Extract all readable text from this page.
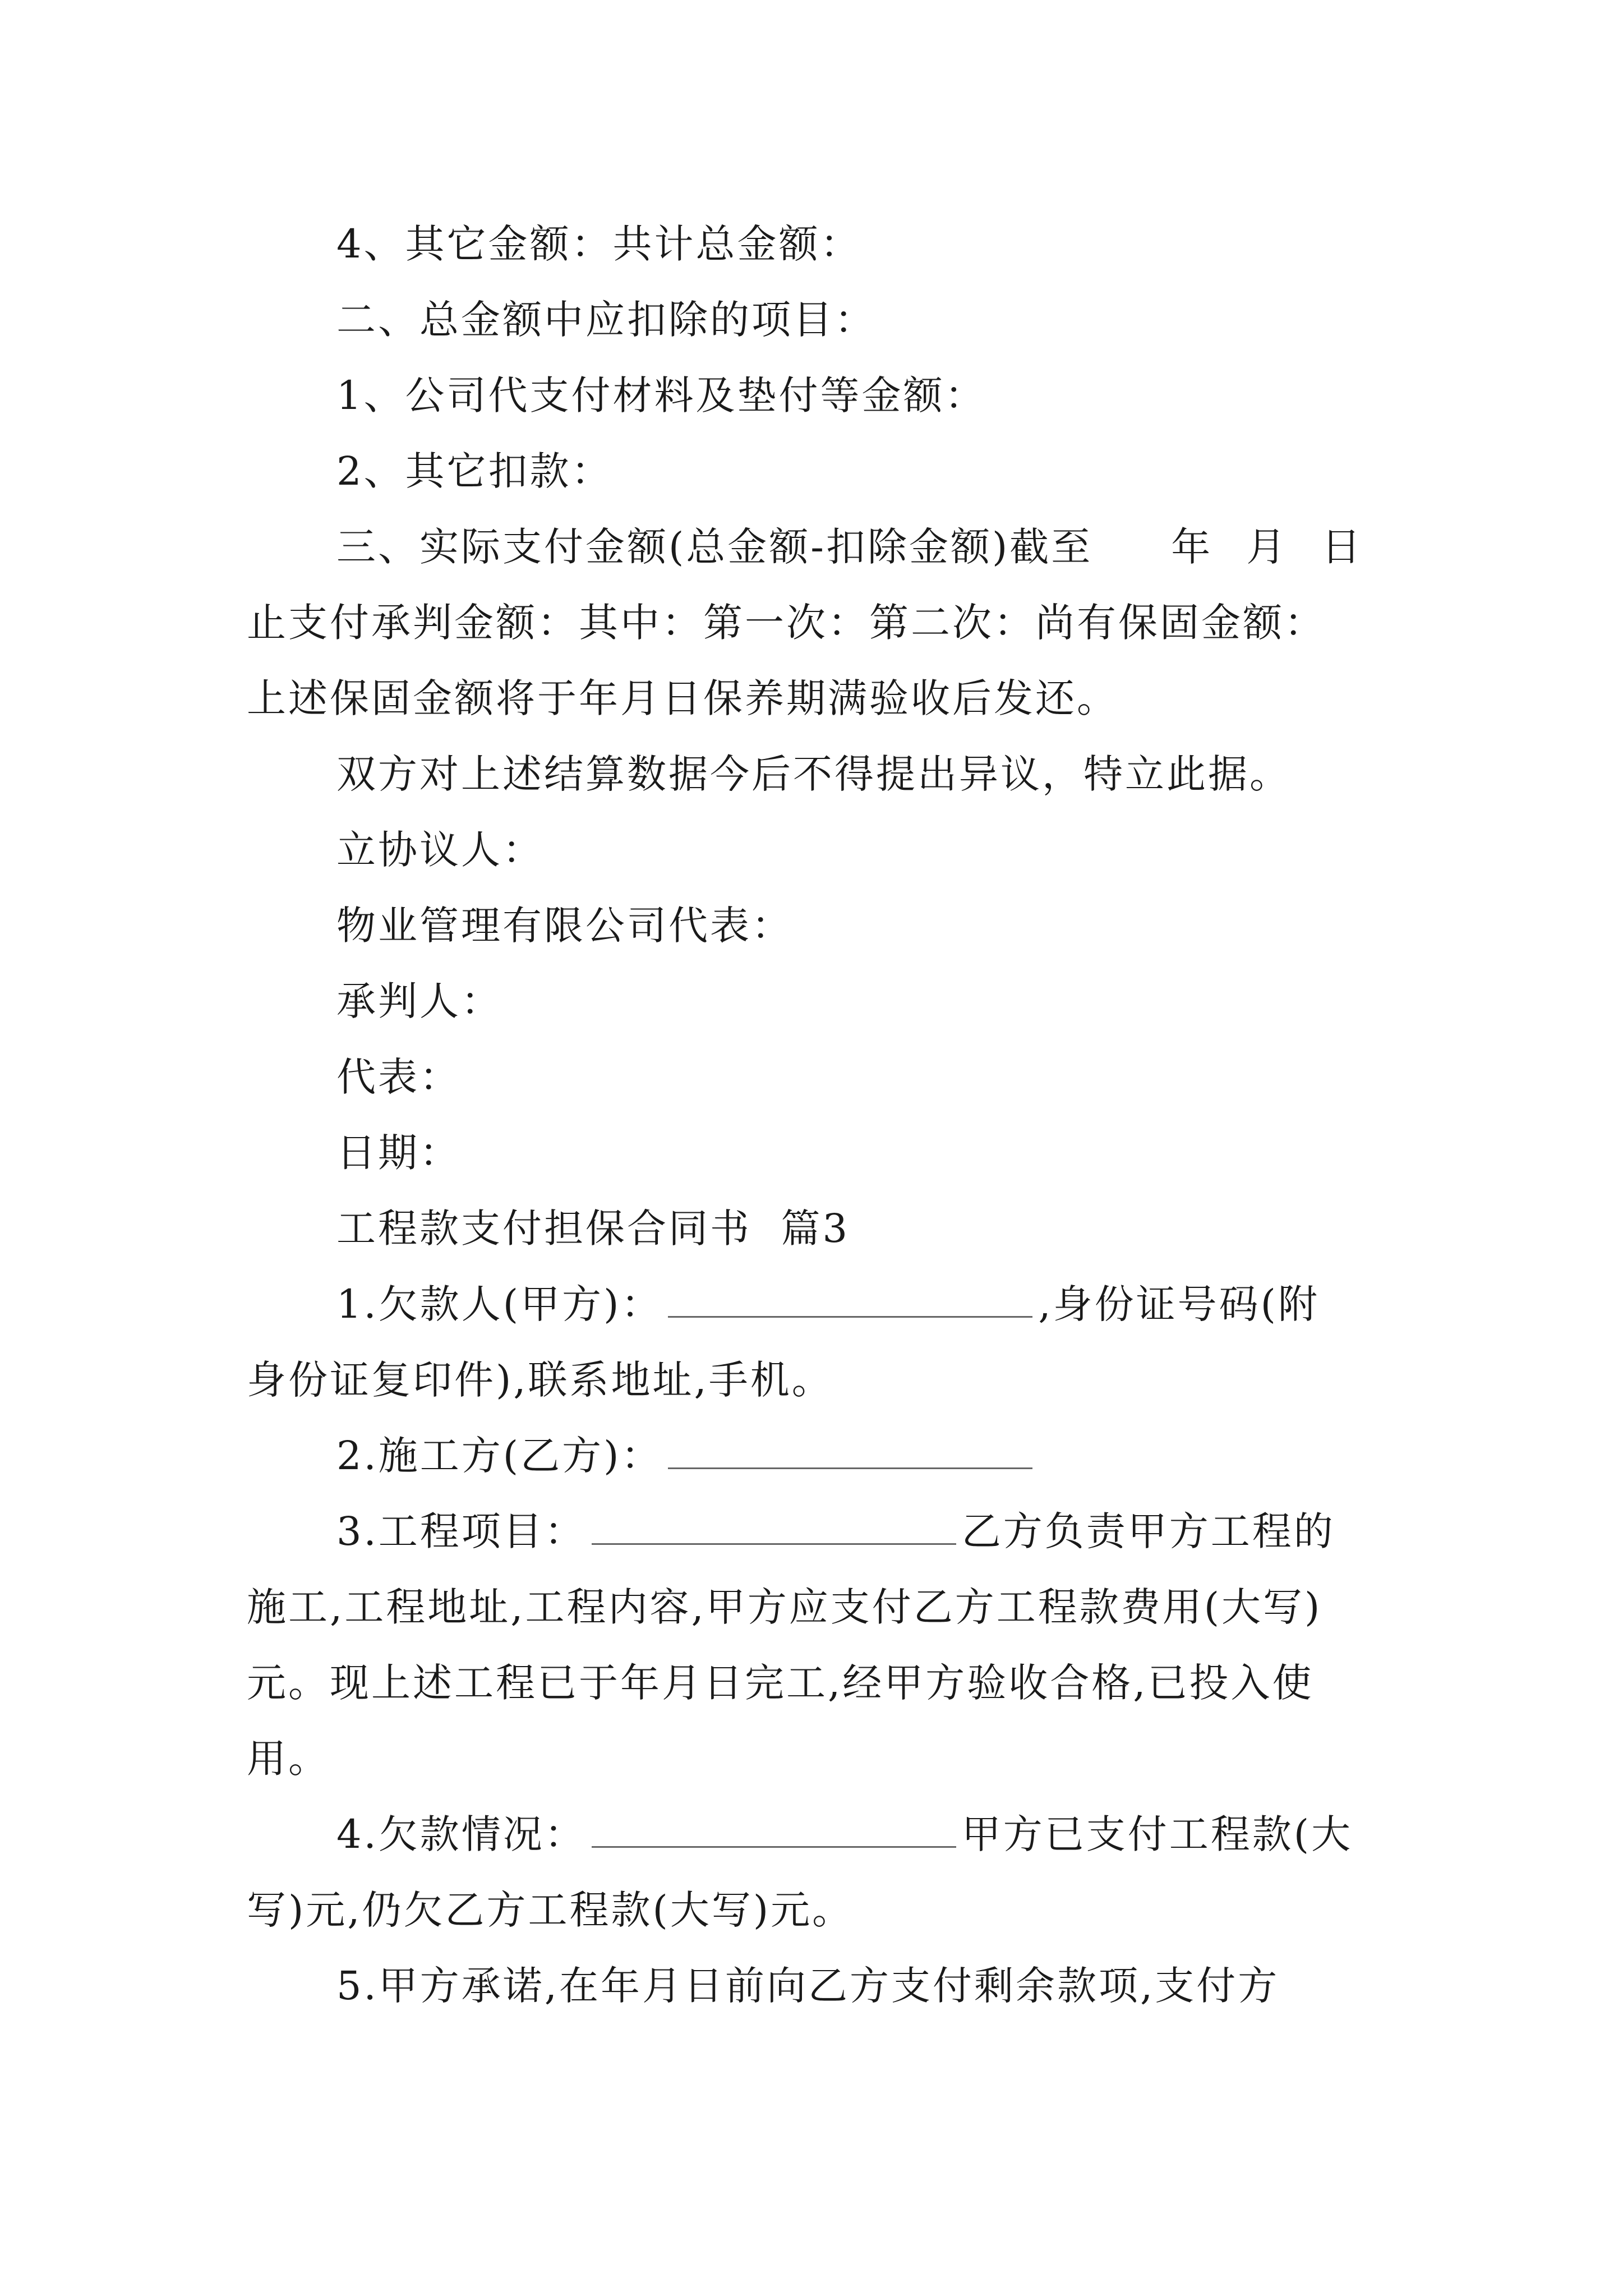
4、其它金额：共计总金额：
二、总金额中应扣除的项目：
1、公司代支付材料及垫付等金额：
2、其它扣款：
三、实际支付金额(总金额-扣除金额)截至 年 月 日
止支付承判金额：其中：第一次：第二次：尚有保固金额：
上述保固金额将于年月日保养期满验收后发还。
双方对上述结算数据今后不得提出异议，特立此据。
立协议人：
物业管理有限公司代表：
承判人：
代表：
日期：
工程款支付担保合同书  篇3
1.欠款人(甲方)：	,身份证号码(附
身份证复印件),联系地址,手机。
2.施工方(乙方)：
3.工程项目：	乙方负责甲方工程的
施工,工程地址,工程内容,甲方应支付乙方工程款费用(大写)
元。现上述工程已于年月日完工,经甲方验收合格,已投入使
用。
4.欠款情况：	甲方已支付工程款(大
写)元,仍欠乙方工程款(大写)元。
5.甲方承诺,在年月日前向乙方支付剩余款项,支付方
